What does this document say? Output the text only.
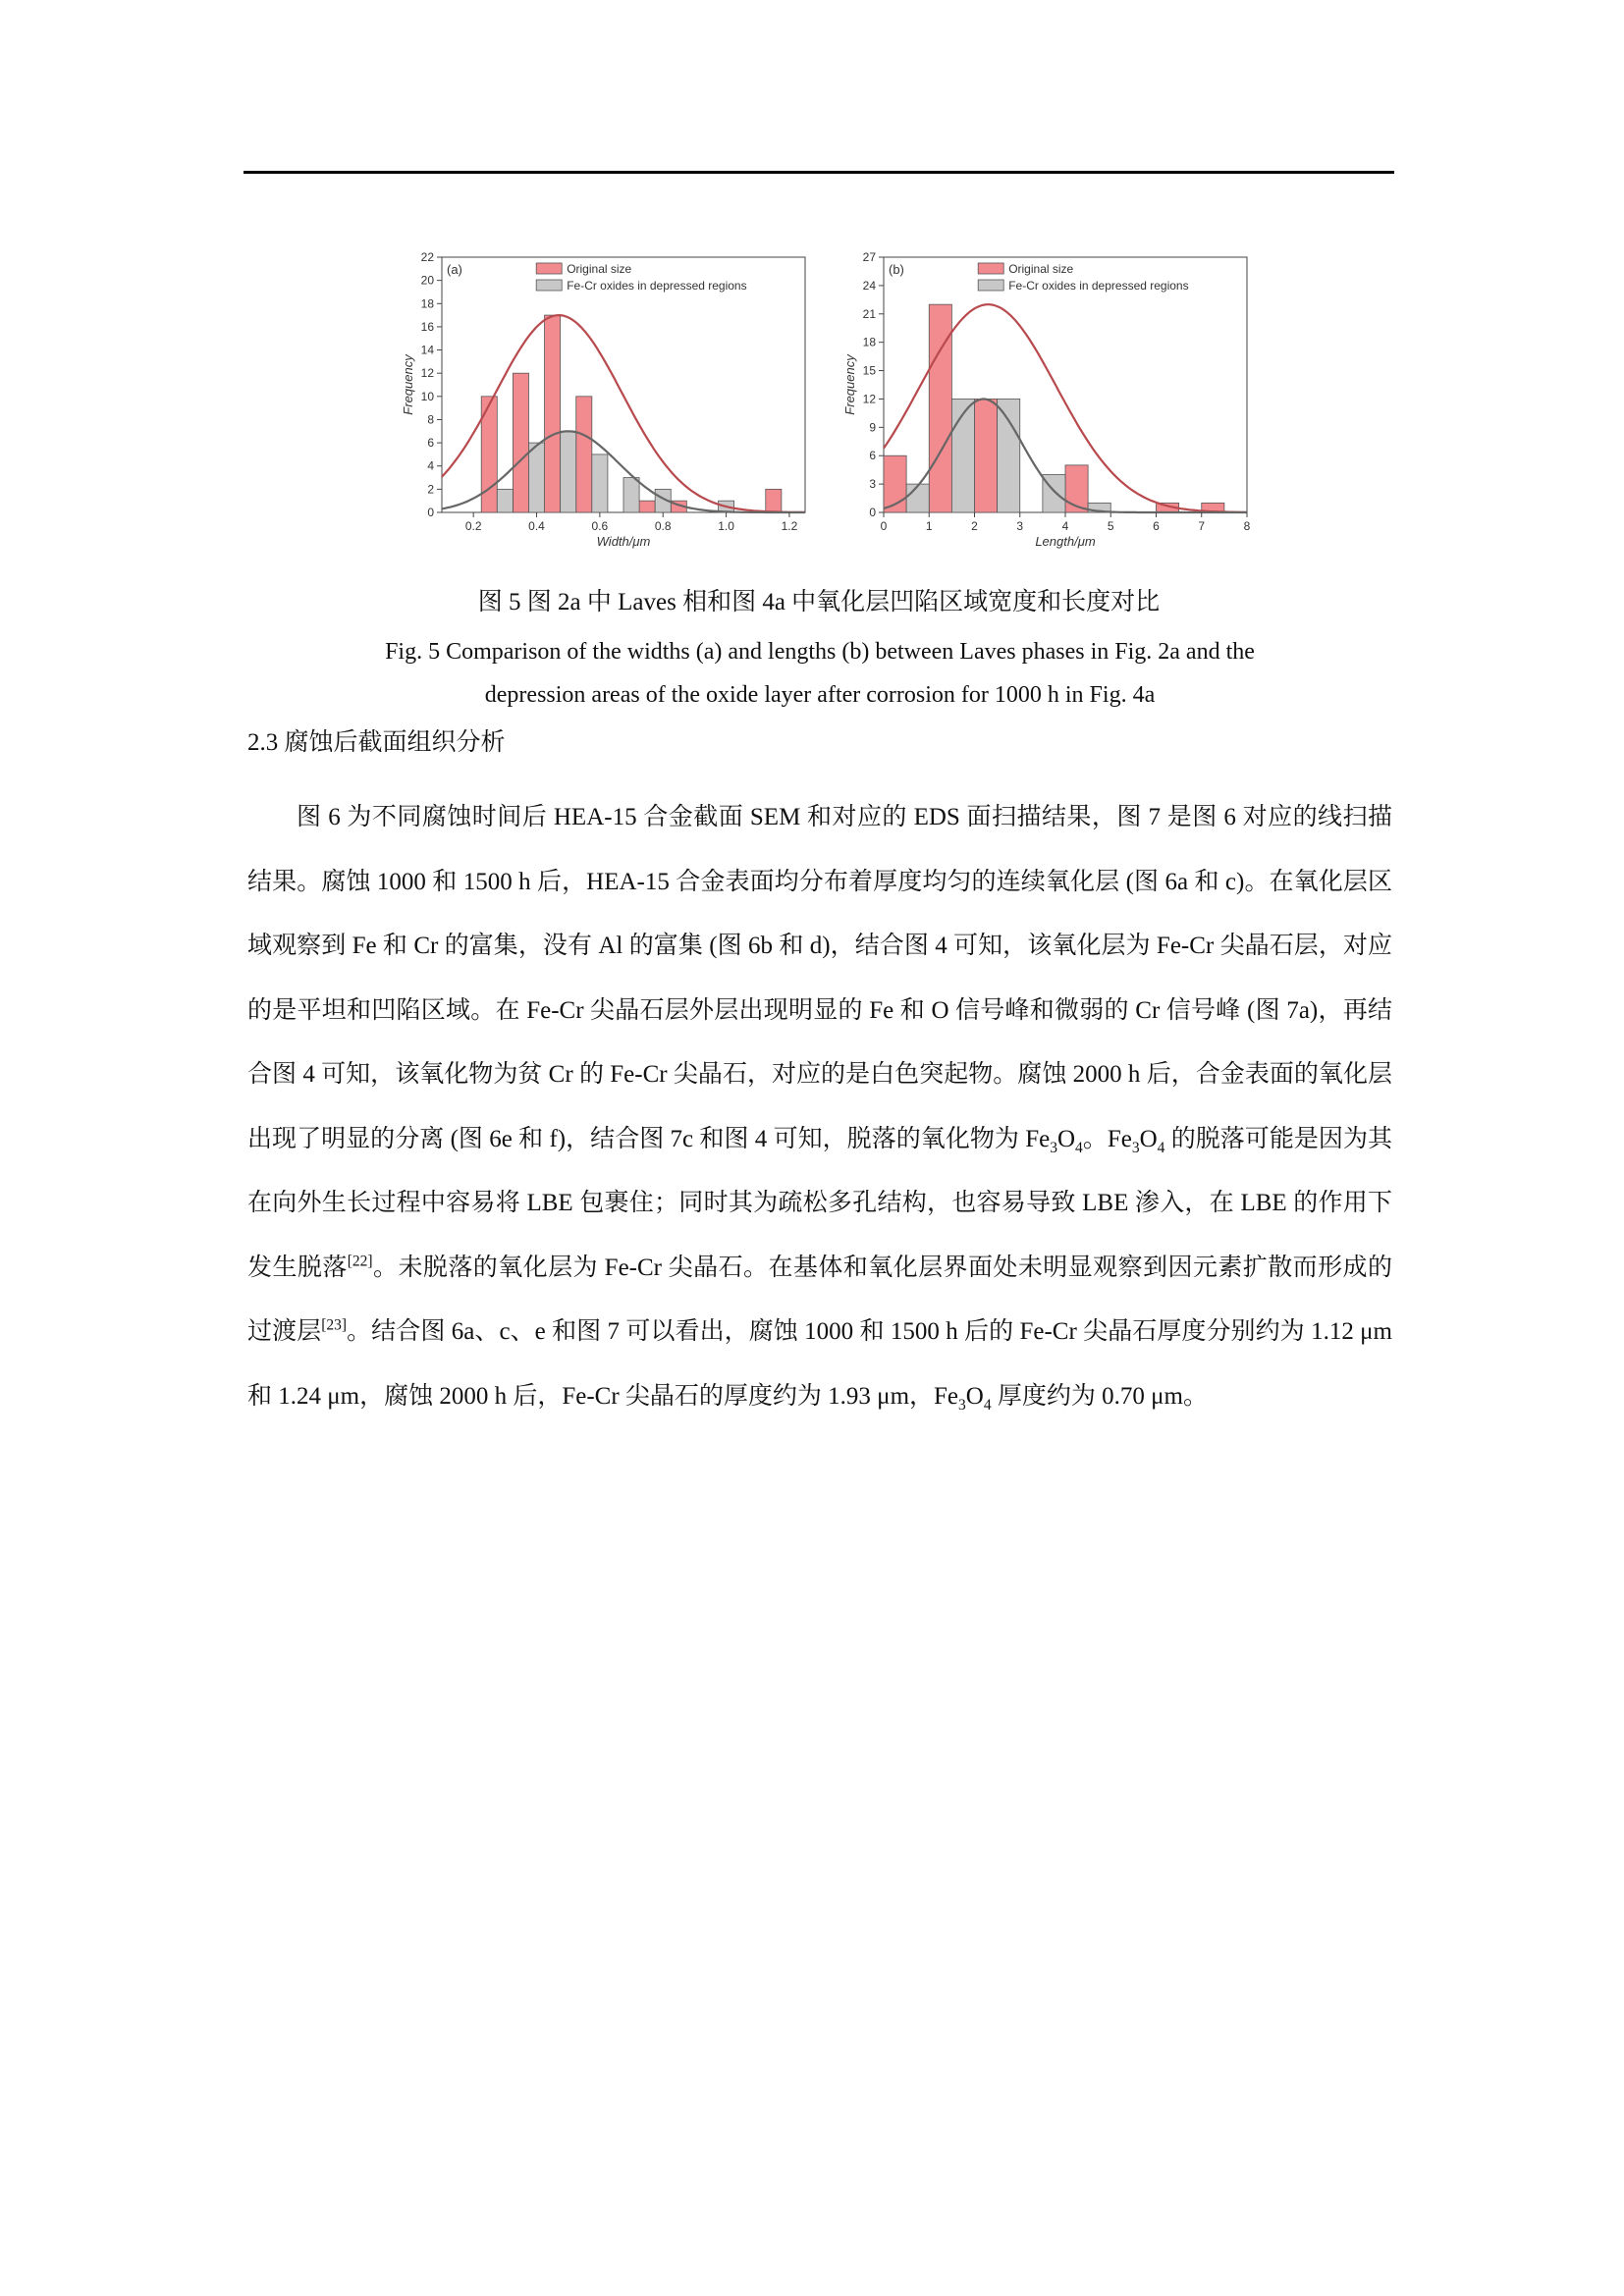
0.2	0.4	0.6	0.8	1.0	1.2
0
2
4
6
8
10
12
14
16
18
20
22
Width/μm
Frequency
(a)	Original size
Fe-Cr oxides in depressed regions
0	1	2	3	4	5	6	7	8
0
3
6
9
12
15
18
21
24
27
Length/μm
Frequency
(b)	Original size
Fe-Cr oxides in depressed regions
图 5 图 2a 中 Laves 相和图 4a 中氧化层凹陷区域宽度和长度对比
Fig. 5 Comparison of the widths (a) and lengths (b) between Laves phases in Fig. 2a and the
depression areas of the oxide layer after corrosion for 1000 h in Fig. 4a
2.3 腐蚀后截面组织分析

图 6 为不同腐蚀时间后 HEA-15 合金截面 SEM 和对应的 EDS 面扫描结果，图 7 是图 6 对应的线扫描结果。腐蚀 1000 和 1500 h 后，HEA-15 合金表面均分布着厚度均匀的连续氧化层 (图 6a 和 c)。在氧化层区域观察到 Fe 和 Cr 的富集，没有 Al 的富集 (图 6b 和 d)，结合图 4 可知，该氧化层为 Fe-Cr 尖晶石层，对应的是平坦和凹陷区域。在 Fe-Cr 尖晶石层外层出现明显的 Fe 和 O 信号峰和微弱的 Cr 信号峰 (图 7a)，再结合图 4 可知，该氧化物为贫 Cr 的 Fe-Cr 尖晶石，对应的是白色突起物。腐蚀 2000 h 后，合金表面的氧化层出现了明显的分离 (图 6e 和 f)，结合图 7c 和图 4 可知，脱落的氧化物为 $Fe_3O_4$。$Fe_3O_4$ 的脱落可能是因为其在向外生长过程中容易将 LBE 包裹住；同时其为疏松多孔结构，也容易导致 LBE 渗入，在 LBE 的作用下发生脱落[22]。未脱落的氧化层为 Fe-Cr 尖晶石。在基体和氧化层界面处未明显观察到因元素扩散而形成的过渡层[23]。结合图 6a、c、e 和图 7 可以看出，腐蚀 1000 和 1500 h 后的 Fe-Cr 尖晶石厚度分别约为 1.12 μm 和 1.24 μm，腐蚀 2000 h 后，Fe-Cr 尖晶石的厚度约为 1.93 μm，$Fe_3O_4$ 厚度约为 0.70 μm。
